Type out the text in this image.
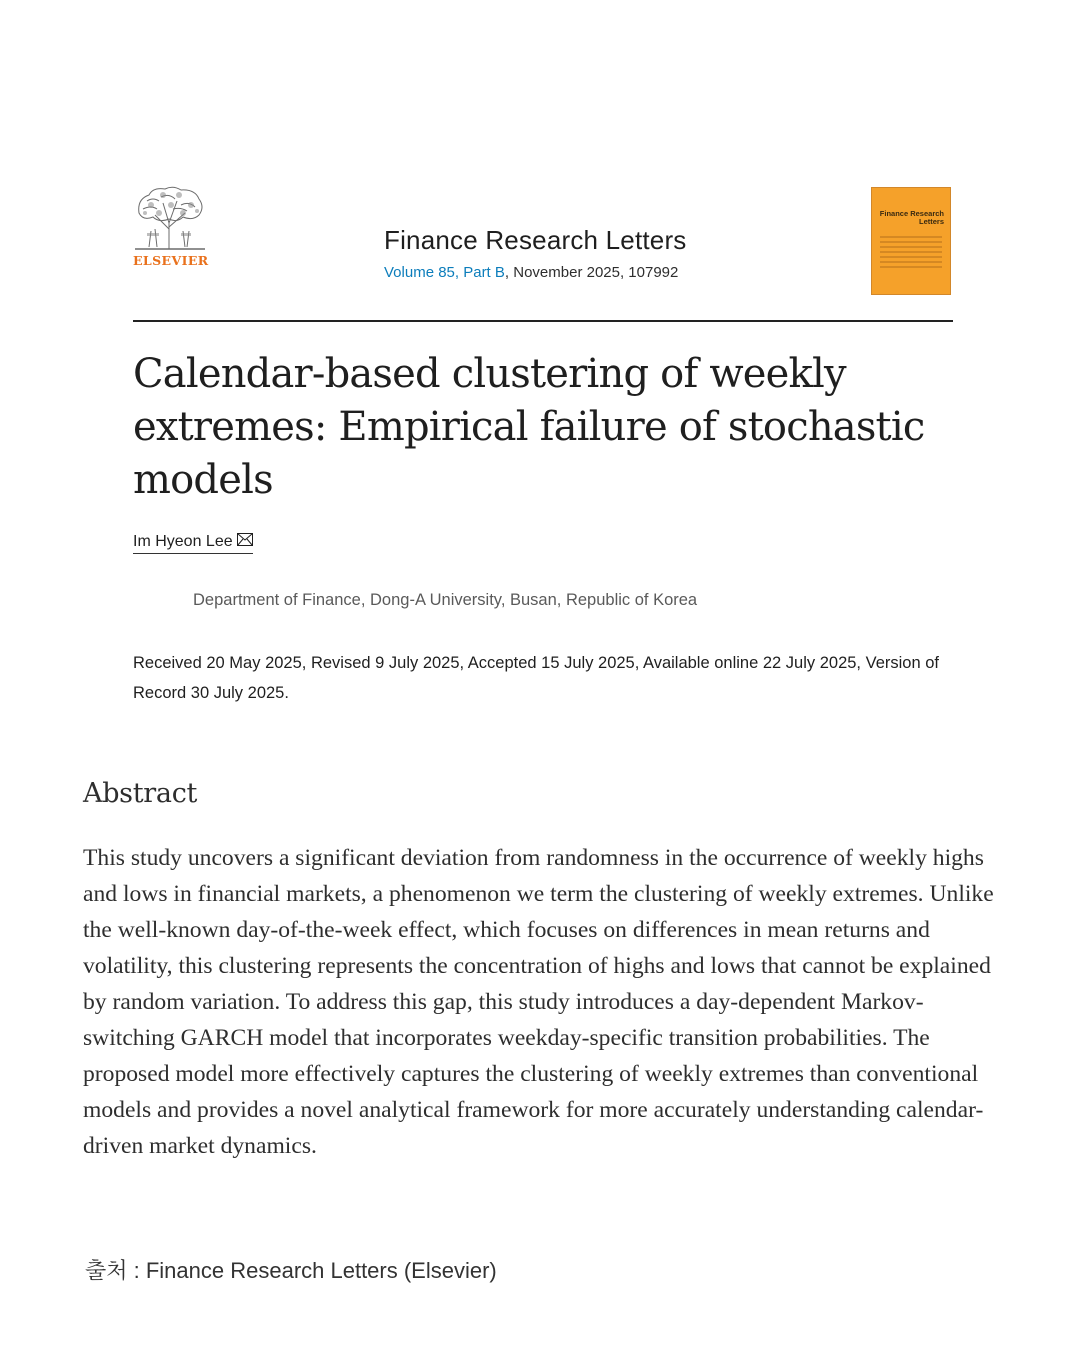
ELSEVIER
Finance Research Letters
Volume 85, Part B, November 2025, 107992
Finance Research Letters
Calendar-based clustering of weekly extremes: Empirical failure of stochastic models
Im Hyeon Lee
Department of Finance, Dong-A University, Busan, Republic of Korea
Received 20 May 2025, Revised 9 July 2025, Accepted 15 July 2025, Available online 22 July 2025, Version of Record 30 July 2025.
Abstract

This study uncovers a significant deviation from randomness in the occurrence of weekly highs and lows in financial markets, a phenomenon we term the clustering of weekly extremes. Unlike the well-known day-of-the-week effect, which focuses on differences in mean returns and volatility, this clustering represents the concentration of highs and lows that cannot be explained by random variation. To address this gap, this study introduces a day-dependent Markov-switching GARCH model that incorporates weekday-specific transition probabilities. The proposed model more effectively captures the clustering of weekly extremes than conventional models and provides a novel analytical framework for more accurately understanding calendar-driven market dynamics.

출처 : Finance Research Letters (Elsevier)
